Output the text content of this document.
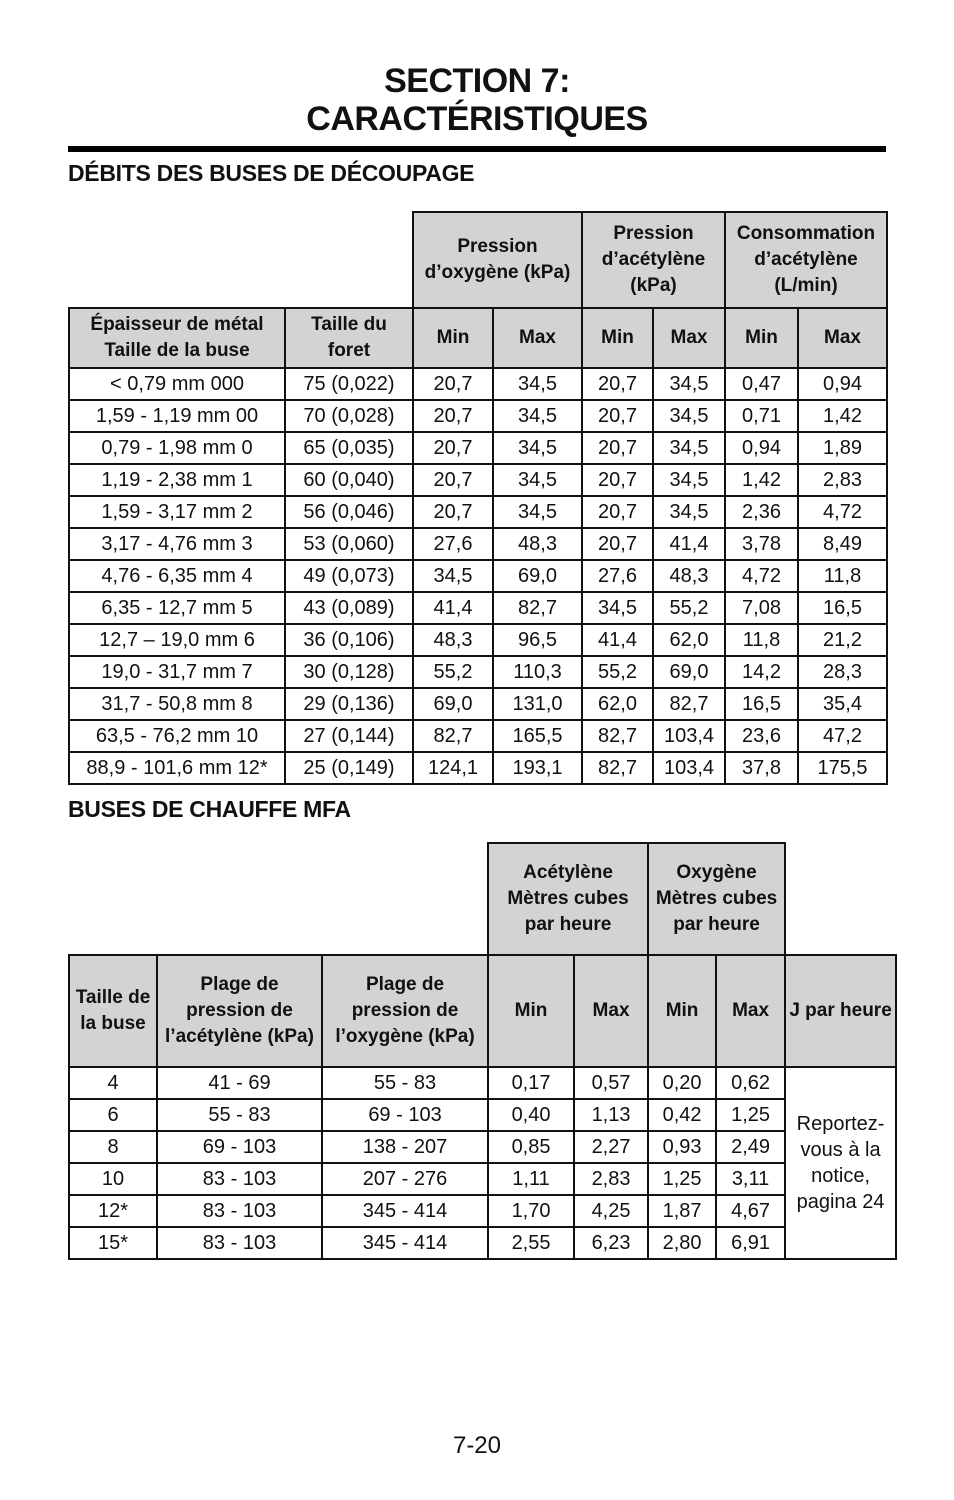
SECTION 7:
CARACTÉRISTIQUES
DÉBITS DES BUSES DE DÉCOUPAGE
		Pression d’oxygène (kPa)		Pression d’acétylène (kPa)		Consommation d’acétylène (L/min)	
Épaisseur de métal Taille de la buse	Taille du foret	Min	Max	Min	Max	Min	Max
< 0,79 mm 000	75 (0,022)	20,7	34,5	20,7	34,5	0,47	0,94
1,59 - 1,19 mm 00	70 (0,028)	20,7	34,5	20,7	34,5	0,71	1,42
0,79 - 1,98 mm 0	65 (0,035)	20,7	34,5	20,7	34,5	0,94	1,89
1,19 - 2,38 mm 1	60 (0,040)	20,7	34,5	20,7	34,5	1,42	2,83
1,59 - 3,17 mm 2	56 (0,046)	20,7	34,5	20,7	34,5	2,36	4,72
3,17 - 4,76 mm 3	53 (0,060)	27,6	48,3	20,7	41,4	3,78	8,49
4,76 - 6,35 mm 4	49 (0,073)	34,5	69,0	27,6	48,3	4,72	11,8
6,35 - 12,7 mm 5	43 (0,089)	41,4	82,7	34,5	55,2	7,08	16,5
12,7 – 19,0 mm 6	36 (0,106)	48,3	96,5	41,4	62,0	11,8	21,2
19,0 - 31,7 mm 7	30 (0,128)	55,2	110,3	55,2	69,0	14,2	28,3
31,7 - 50,8 mm 8	29 (0,136)	69,0	131,0	62,0	82,7	16,5	35,4
63,5 - 76,2 mm 10	27 (0,144)	82,7	165,5	82,7	103,4	23,6	47,2
88,9 - 101,6 mm 12*	25 (0,149)	124,1	193,1	82,7	103,4	37,8	175,5
BUSES DE CHAUFFE MFA
			Acétylène Mètres cubes par heure		Oxygène Mètres cubes par heure		
Taille de la buse	Plage de pression de l’acétylène (kPa)	Plage de pression de l’oxygène (kPa)	Min	Max	Min	Max	J par heure
4	41 - 69	55 - 83	0,17	0,57	0,20	0,62	Reportez-vous à la notice, pagina 24
6	55 - 83	69 - 103	0,40	1,13	0,42	1,25	
8	69 - 103	138 - 207	0,85	2,27	0,93	2,49	
10	83 - 103	207 - 276	1,11	2,83	1,25	3,11	
12*	83 - 103	345 - 414	1,70	4,25	1,87	4,67	
15*	83 - 103	345 - 414	2,55	6,23	2,80	6,91	
7-20
